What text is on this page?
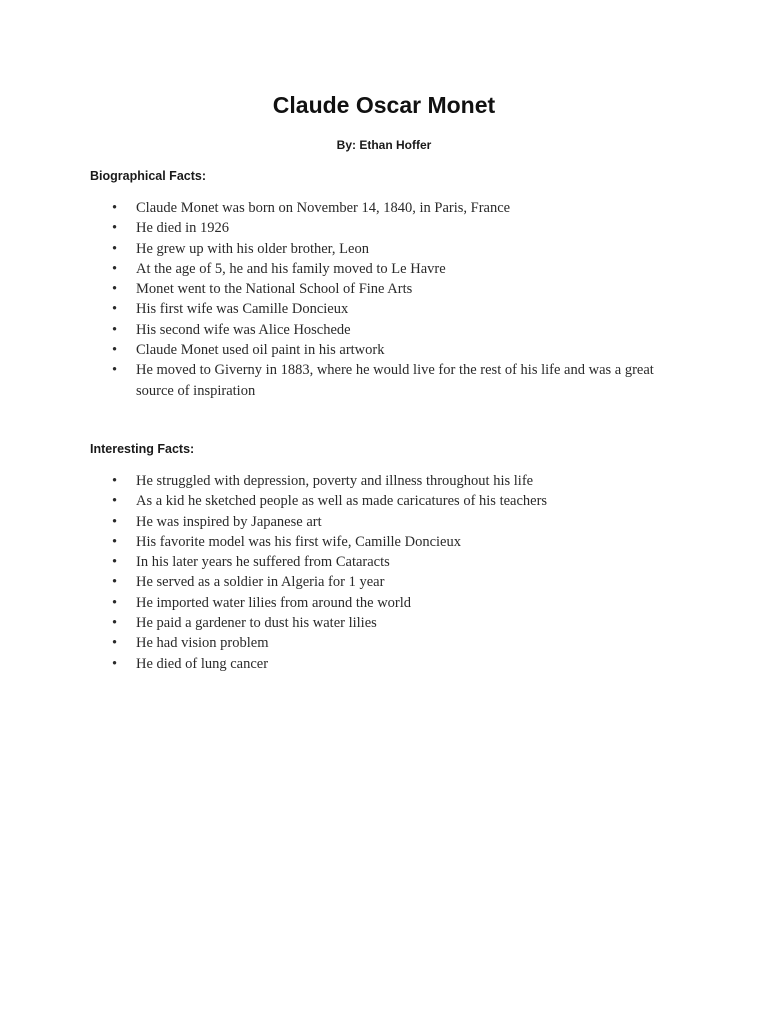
Claude Oscar Monet

By: Ethan Hoffer

Biographical Facts:

•	Claude Monet was born on November 14, 1840, in Paris, France
•	He died in 1926
•	He grew up with his older brother, Leon
•	At the age of 5, he and his family moved to Le Havre
•	Monet went to the National School of Fine Arts
•	His first wife was Camille Doncieux
•	His second wife was Alice Hoschede
•	Claude Monet used oil paint in his artwork
•	He moved to Giverny in 1883, where he would live for the rest of his life and was a great source of inspiration

Interesting Facts:

•	He struggled with depression, poverty and illness throughout his life
•	As a kid he sketched people as well as made caricatures of his teachers
•	He was inspired by Japanese art
•	His favorite model was his first wife, Camille Doncieux
•	In his later years he suffered from Cataracts
•	He served as a soldier in Algeria for 1 year
•	He imported water lilies from around the world
•	He paid a gardener to dust his water lilies
•	He had vision problem
•	He died of lung cancer
